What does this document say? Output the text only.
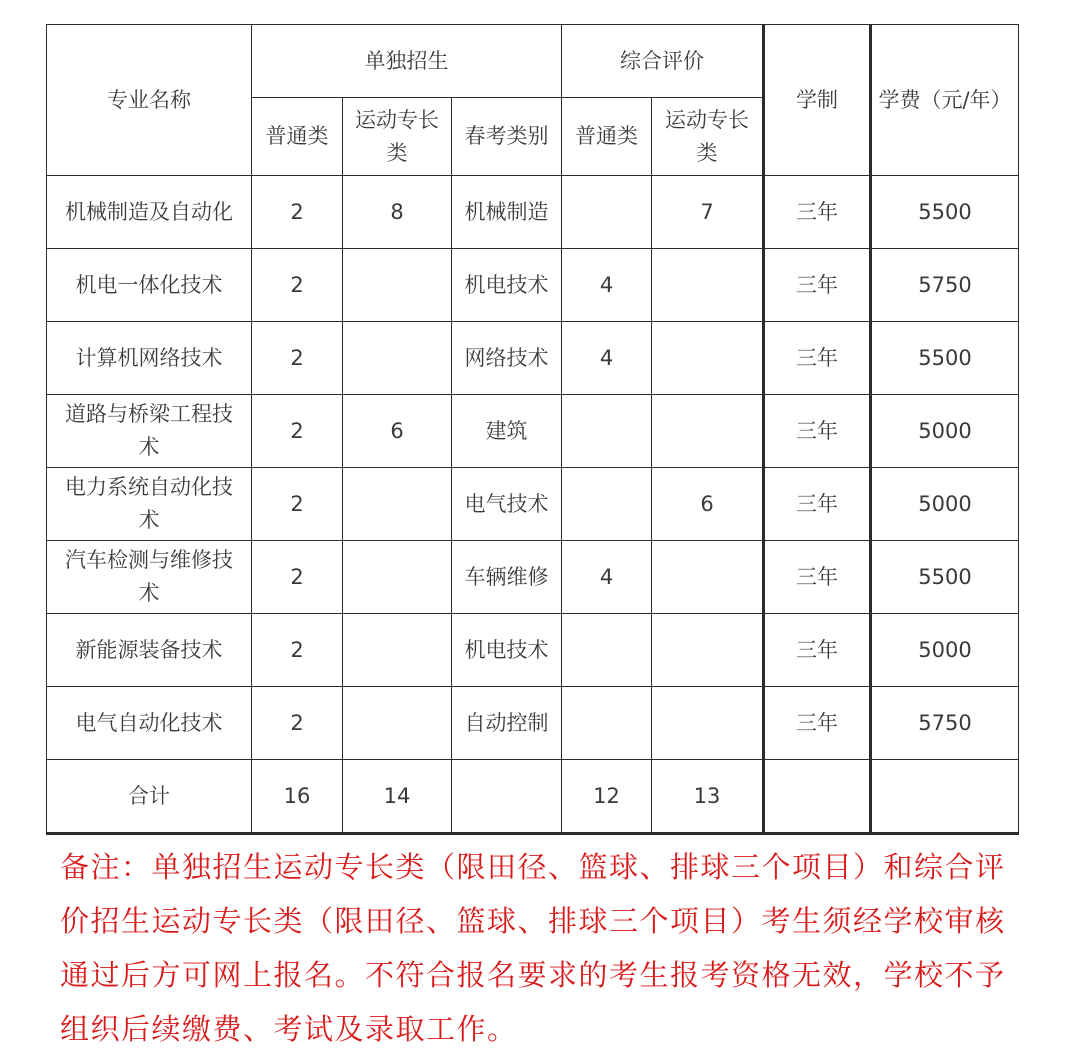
专业名称	单独招生			综合评价		学制	学费（元/年）
	普通类	运动专长类	春考类别	普通类	运动专长类		
机械制造及自动化	2	8	机械制造		7	三年	5500
机电一体化技术	2		机电技术	4		三年	5750
计算机网络技术	2		网络技术	4		三年	5500
道路与桥梁工程技术	2	6	建筑			三年	5000
电力系统自动化技术	2		电气技术		6	三年	5000
汽车检测与维修技术	2		车辆维修	4		三年	5500
新能源装备技术	2		机电技术			三年	5000
电气自动化技术	2		自动控制			三年	5750
合计	16	14		12	13		
备注：单独招生运动专长类（限田径、篮球、排球三个项目）和综合评价招生运动专长类（限田径、篮球、排球三个项目）考生须经学校审核通过后方可网上报名。不符合报名要求的考生报考资格无效，学校不予组织后续缴费、考试及录取工作。
